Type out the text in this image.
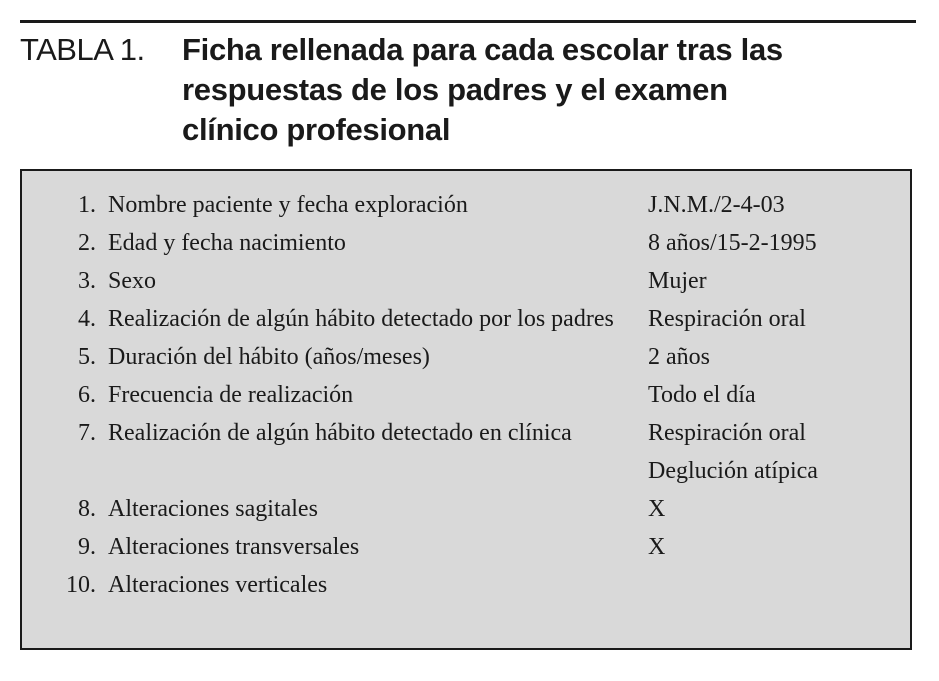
TABLA 1.	Ficha rellenada para cada escolar tras las respuestas de los padres y el examen clínico profesional
1. Nombre paciente y fecha exploración	J.N.M./2-4-03
2. Edad y fecha nacimiento	8 años/15-2-1995
3. Sexo	Mujer
4. Realización de algún hábito detectado por los padres	Respiración oral
5. Duración del hábito (años/meses)	2 años
6. Frecuencia de realización	Todo el día
7. Realización de algún hábito detectado en clínica	Respiración oral
Deglución atípica
8. Alteraciones sagitales	X
9. Alteraciones transversales	X
10. Alteraciones verticales
